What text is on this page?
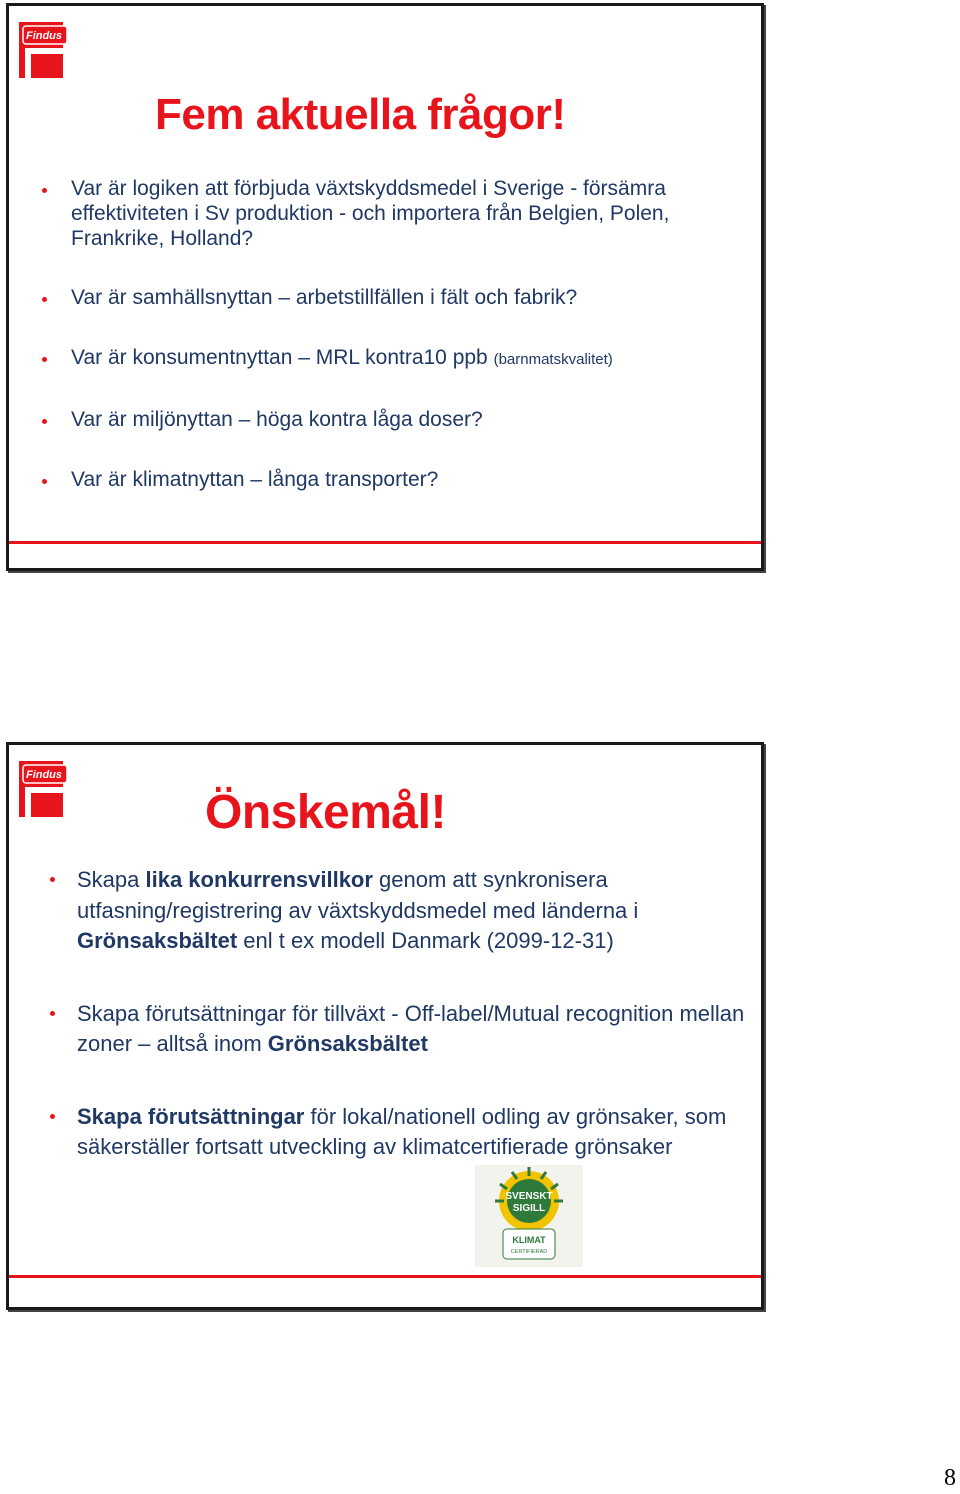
Findus
Fem aktuella frågor!
Var är logiken att förbjuda växtskyddsmedel i Sverige - försämra effektiviteten i Sv produktion - och importera från Belgien, Polen, Frankrike, Holland?
Var är samhällsnyttan – arbetstillfällen i fält och fabrik?
Var är konsumentnyttan – MRL kontra10 ppb (barnmatskvalitet)
Var är miljönyttan – höga kontra låga doser?
Var är klimatnyttan – långa transporter?
Findus
Önskemål!
Skapa lika konkurrensvillkor genom att synkronisera utfasning/registrering av växtskyddsmedel med länderna i Grönsaksbältet enl t ex modell Danmark (2099-12-31)
Skapa förutsättningar för tillväxt - Off-label/Mutual recognition mellan zoner – alltså inom Grönsaksbältet
Skapa förutsättningar för lokal/nationell odling av grönsaker, som säkerställer fortsatt utveckling av klimatcertifierade grönsaker
SVENSKT
SIGILL
KLIMAT
CERTIFIERAD
8
